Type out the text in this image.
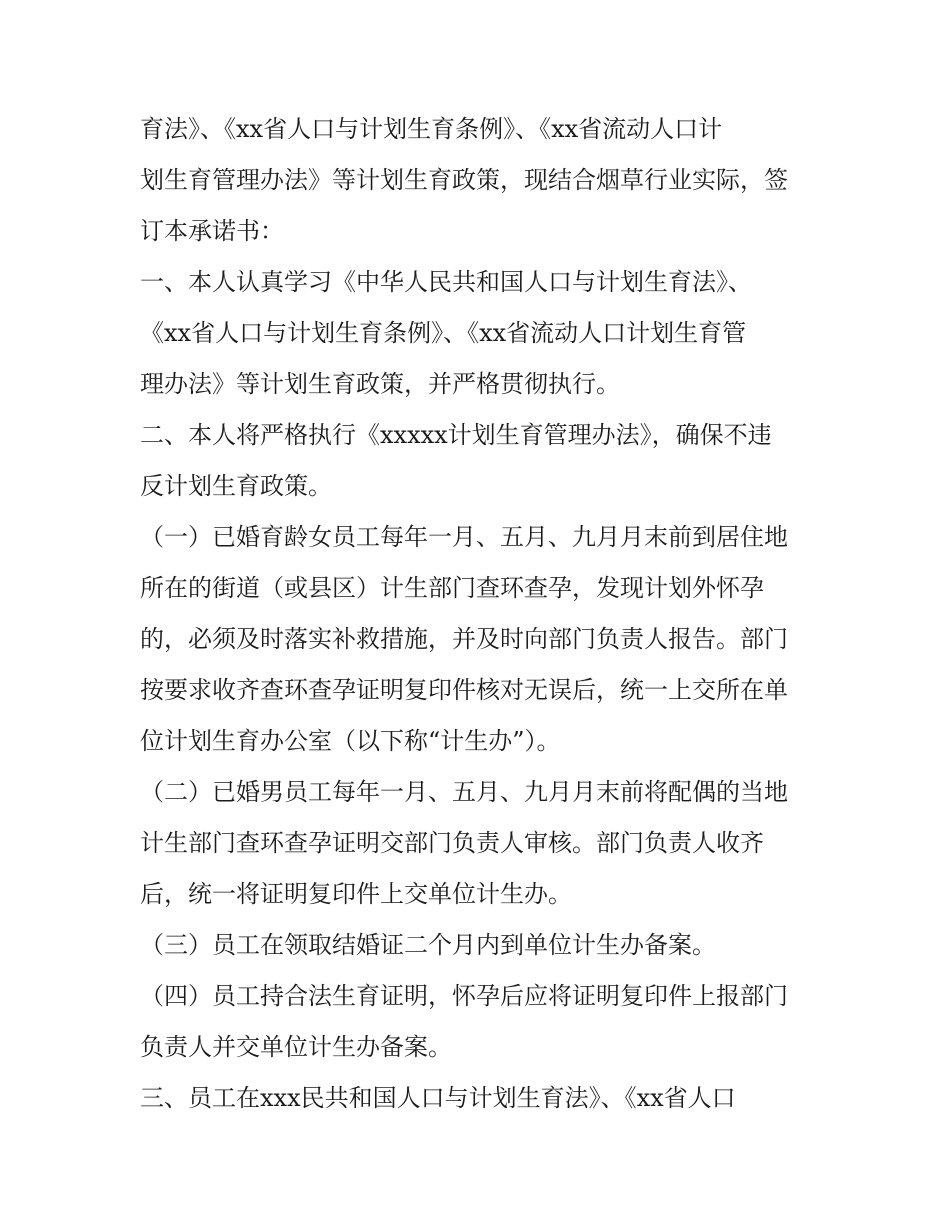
育法》、《xx省人口与计划生育条例》、《xx省流动人口计
划生育管理办法》等计划生育政策，现结合烟草行业实际，签
订本承诺书：
一、本人认真学习《中华人民共和国人口与计划生育法》、
《xx省人口与计划生育条例》、《xx省流动人口计划生育管
理办法》等计划生育政策，并严格贯彻执行。
二、本人将严格执行《xxxxx计划生育管理办法》，确保不违
反计划生育政策。
（一）已婚育龄女员工每年一月、五月、九月月末前到居住地
所在的街道（或县区）计生部门查环查孕，发现计划外怀孕
的，必须及时落实补救措施，并及时向部门负责人报告。部门
按要求收齐查环查孕证明复印件核对无误后，统一上交所在单
位计划生育办公室（以下称“计生办”）。
（二）已婚男员工每年一月、五月、九月月末前将配偶的当地
计生部门查环查孕证明交部门负责人审核。部门负责人收齐
后，统一将证明复印件上交单位计生办。
（三）员工在领取结婚证二个月内到单位计生办备案。
（四）员工持合法生育证明，怀孕后应将证明复印件上报部门
负责人并交单位计生办备案。
三、员工在xxx民共和国人口与计划生育法》、《xx省人口
